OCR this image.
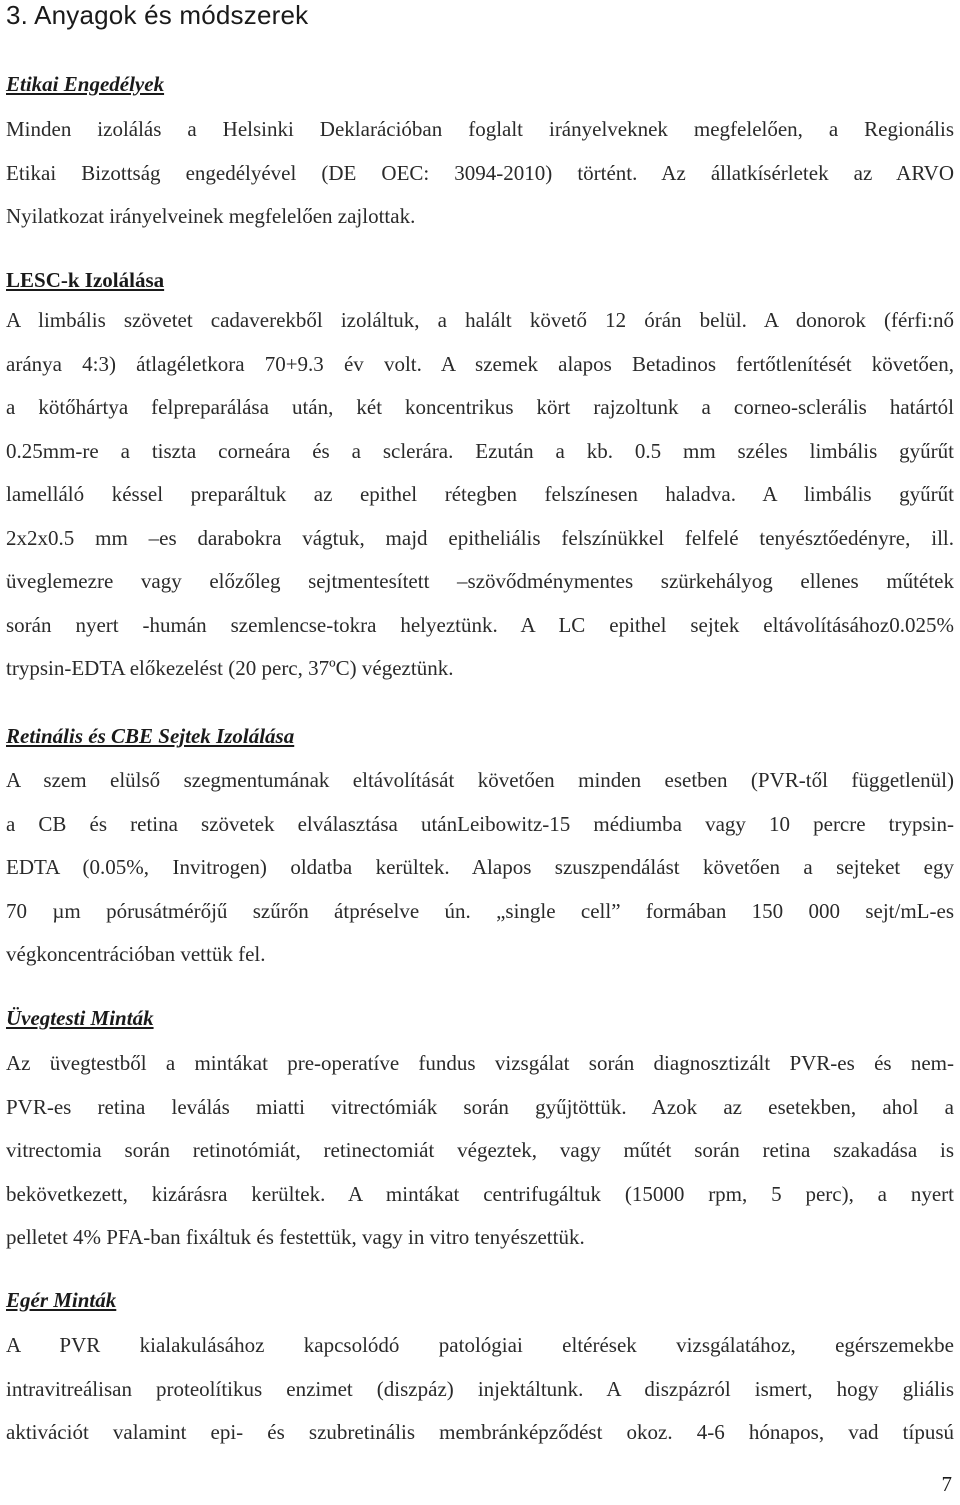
3. Anyagok és módszerek
Etikai Engedélyek
Minden izolálás a Helsinki Deklarációban foglalt irányelveknek megfelelően, a Regionális
Etikai Bizottság engedélyével (DE OEC: 3094-2010) történt. Az állatkísérletek az ARVO
Nyilatkozat irányelveinek megfelelően zajlottak.
LESC-k Izolálása
A limbális szövetet cadaverekből izoláltuk, a halált követő 12 órán belül. A donorok (férfi:nő
aránya 4:3) átlagéletkora 70+9.3 év volt. A szemek alapos Betadinos fertőtlenítését követően,
a kötőhártya felpreparálása után, két koncentrikus kört rajzoltunk a corneo-sclerális határtól
0.25mm-re a tiszta corneára és a sclerára. Ezután a kb. 0.5 mm széles limbális gyűrűt
lamelláló késsel preparáltuk az epithel rétegben felszínesen haladva. A limbális gyűrűt
2x2x0.5 mm –es darabokra vágtuk, majd epitheliális felszínükkel felfelé tenyésztőedényre, ill.
üveglemezre vagy előzőleg sejtmentesített –szövődménymentes szürkehályog ellenes műtétek
során nyert -humán szemlencse-tokra helyeztünk. A LC epithel sejtek eltávolításához0.025%
trypsin-EDTA előkezelést (20 perc, 37ºC) végeztünk.
Retinális és CBE Sejtek Izolálása
A szem elülső szegmentumának eltávolítását követően minden esetben (PVR-től függetlenül)
a CB és retina szövetek elválasztása utánLeibowitz-15 médiumba vagy 10 percre trypsin-
EDTA (0.05%, Invitrogen) oldatba kerültek. Alapos szuszpendálást követően a sejteket egy
70 µm pórusátmérőjű szűrőn átpréselve ún. „single cell” formában 150 000 sejt/mL-es
végkoncentrációban vettük fel.
Üvegtesti Minták
Az üvegtestből a mintákat pre-operatíve fundus vizsgálat során diagnosztizált PVR-es és nem-
PVR-es retina leválás miatti vitrectómiák során gyűjtöttük. Azok az esetekben, ahol a
vitrectomia során retinotómiát, retinectomiát végeztek, vagy műtét során retina szakadása is
bekövetkezett, kizárásra kerültek. A mintákat centrifugáltuk (15000 rpm, 5 perc), a nyert
pelletet 4% PFA-ban fixáltuk és festettük, vagy in vitro tenyészettük.
Egér Minták
A PVR kialakulásához kapcsolódó patológiai eltérések vizsgálatához, egérszemekbe
intravitreálisan proteolítikus enzimet (diszpáz) injektáltunk. A diszpázról ismert, hogy gliális
aktivációt valamint epi- és szubretinális membránképződést okoz. 4-6 hónapos, vad típusú

7
